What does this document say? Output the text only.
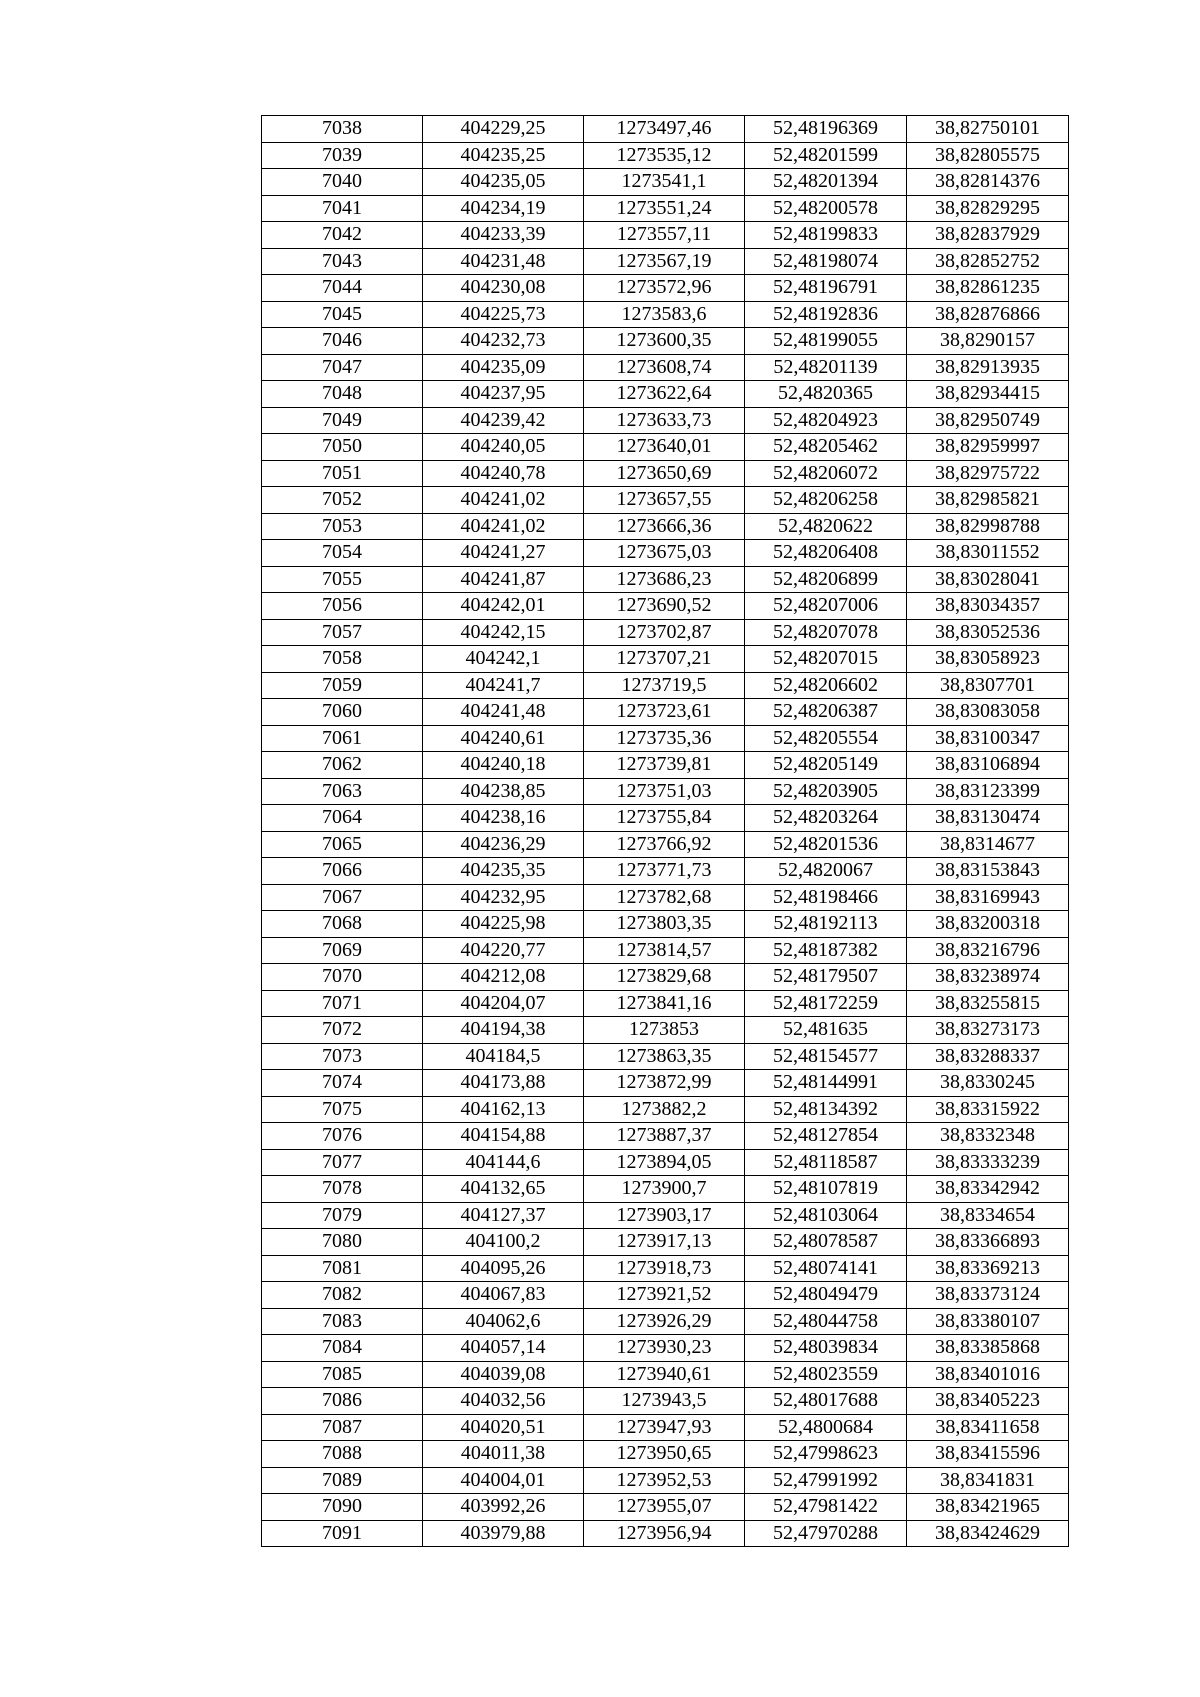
7038	404229,25	1273497,46	52,48196369	38,82750101
7039	404235,25	1273535,12	52,48201599	38,82805575
7040	404235,05	1273541,1	52,48201394	38,82814376
7041	404234,19	1273551,24	52,48200578	38,82829295
7042	404233,39	1273557,11	52,48199833	38,82837929
7043	404231,48	1273567,19	52,48198074	38,82852752
7044	404230,08	1273572,96	52,48196791	38,82861235
7045	404225,73	1273583,6	52,48192836	38,82876866
7046	404232,73	1273600,35	52,48199055	38,8290157
7047	404235,09	1273608,74	52,48201139	38,82913935
7048	404237,95	1273622,64	52,4820365	38,82934415
7049	404239,42	1273633,73	52,48204923	38,82950749
7050	404240,05	1273640,01	52,48205462	38,82959997
7051	404240,78	1273650,69	52,48206072	38,82975722
7052	404241,02	1273657,55	52,48206258	38,82985821
7053	404241,02	1273666,36	52,4820622	38,82998788
7054	404241,27	1273675,03	52,48206408	38,83011552
7055	404241,87	1273686,23	52,48206899	38,83028041
7056	404242,01	1273690,52	52,48207006	38,83034357
7057	404242,15	1273702,87	52,48207078	38,83052536
7058	404242,1	1273707,21	52,48207015	38,83058923
7059	404241,7	1273719,5	52,48206602	38,8307701
7060	404241,48	1273723,61	52,48206387	38,83083058
7061	404240,61	1273735,36	52,48205554	38,83100347
7062	404240,18	1273739,81	52,48205149	38,83106894
7063	404238,85	1273751,03	52,48203905	38,83123399
7064	404238,16	1273755,84	52,48203264	38,83130474
7065	404236,29	1273766,92	52,48201536	38,8314677
7066	404235,35	1273771,73	52,4820067	38,83153843
7067	404232,95	1273782,68	52,48198466	38,83169943
7068	404225,98	1273803,35	52,48192113	38,83200318
7069	404220,77	1273814,57	52,48187382	38,83216796
7070	404212,08	1273829,68	52,48179507	38,83238974
7071	404204,07	1273841,16	52,48172259	38,83255815
7072	404194,38	1273853	52,481635	38,83273173
7073	404184,5	1273863,35	52,48154577	38,83288337
7074	404173,88	1273872,99	52,48144991	38,8330245
7075	404162,13	1273882,2	52,48134392	38,83315922
7076	404154,88	1273887,37	52,48127854	38,8332348
7077	404144,6	1273894,05	52,48118587	38,83333239
7078	404132,65	1273900,7	52,48107819	38,83342942
7079	404127,37	1273903,17	52,48103064	38,8334654
7080	404100,2	1273917,13	52,48078587	38,83366893
7081	404095,26	1273918,73	52,48074141	38,83369213
7082	404067,83	1273921,52	52,48049479	38,83373124
7083	404062,6	1273926,29	52,48044758	38,83380107
7084	404057,14	1273930,23	52,48039834	38,83385868
7085	404039,08	1273940,61	52,48023559	38,83401016
7086	404032,56	1273943,5	52,48017688	38,83405223
7087	404020,51	1273947,93	52,4800684	38,83411658
7088	404011,38	1273950,65	52,47998623	38,83415596
7089	404004,01	1273952,53	52,47991992	38,8341831
7090	403992,26	1273955,07	52,47981422	38,83421965
7091	403979,88	1273956,94	52,47970288	38,83424629
